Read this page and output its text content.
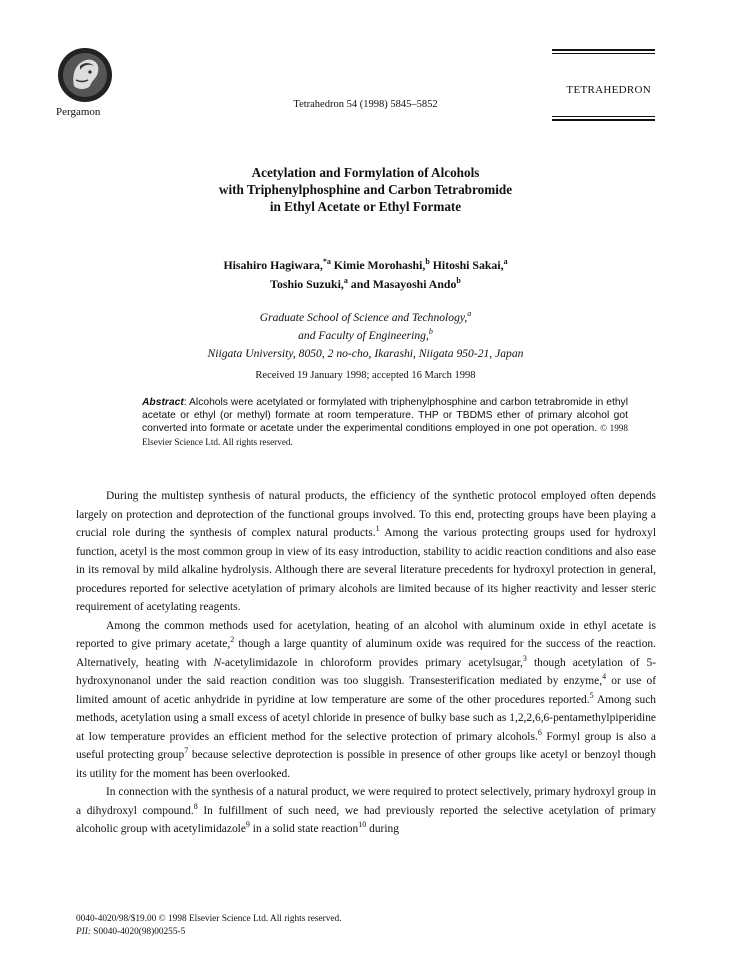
Pergamon
Tetrahedron 54 (1998) 5845–5852
TETRAHEDRON
Acetylation and Formylation of Alcohols
with Triphenylphosphine and Carbon Tetrabromide
in Ethyl Acetate or Ethyl Formate
Hisahiro Hagiwara,$^{*a}$ Kimie Morohashi,$^b$ Hitoshi Sakai,$^a$
Toshio Suzuki,$^a$ and Masayoshi Ando$^b$
Graduate School of Science and Technology,$^a$
and Faculty of Engineering,$^b$
Niigata University, 8050, 2 no-cho, Ikarashi, Niigata 950-21, Japan
Received 19 January 1998; accepted 16 March 1998
Abstract: Alcohols were acetylated or formylated with triphenylphosphine and carbon tetrabromide in ethyl acetate or ethyl (or methyl) formate at room temperature. THP or TBDMS ether of primary alcohol got converted into formate or acetate under the experimental conditions employed in one pot operation. © 1998 Elsevier Science Ltd. All rights reserved.

During the multistep synthesis of natural products, the efficiency of the synthetic protocol employed often depends largely on protection and deprotection of the functional groups involved. To this end, protecting groups have been playing a crucial role during the synthesis of complex natural products.$^1$ Among the various protecting groups used for hydroxyl function, acetyl is the most common group in view of its easy introduction, stability to acidic reaction conditions and also ease in its removal by mild alkaline hydrolysis. Although there are several literature precedents for hydroxyl protection in general, procedures reported for selective acetylation of primary alcohols are limited because of its higher reactivity and lesser steric requirement of acetylating reagents.

Among the common methods used for acetylation, heating of an alcohol with aluminum oxide in ethyl acetate is reported to give primary acetate,$^2$ though a large quantity of aluminum oxide was required for the success of the reaction. Alternatively, heating with N-acetylimidazole in chloroform provides primary acetylsugar,$^3$ though acetylation of 5-hydroxynonanol under the said reaction condition was too sluggish. Transesterification mediated by enzyme,$^4$ or use of limited amount of acetic anhydride in pyridine at low temperature are some of the other procedures reported.$^5$ Among such methods, acetylation using a small excess of acetyl chloride in presence of bulky base such as 1,2,2,6,6-pentamethylpiperidine at low temperature provides an efficient method for the selective protection of primary alcohols.$^6$ Formyl group is also a useful protecting group$^7$ because selective deprotection is possible in presence of other groups like acetyl or benzoyl though its utility for the moment has been overlooked.

In connection with the synthesis of a natural product, we were required to protect selectively, primary hydroxyl group in a dihydroxyl compound.$^8$ In fulfillment of such need, we had previously reported the selective acetylation of primary alcoholic group with acetylimidazole$^9$ in a solid state reaction$^{10}$ during

0040-4020/98/$19.00 © 1998 Elsevier Science Ltd. All rights reserved.
PII: S0040-4020(98)00255-5
